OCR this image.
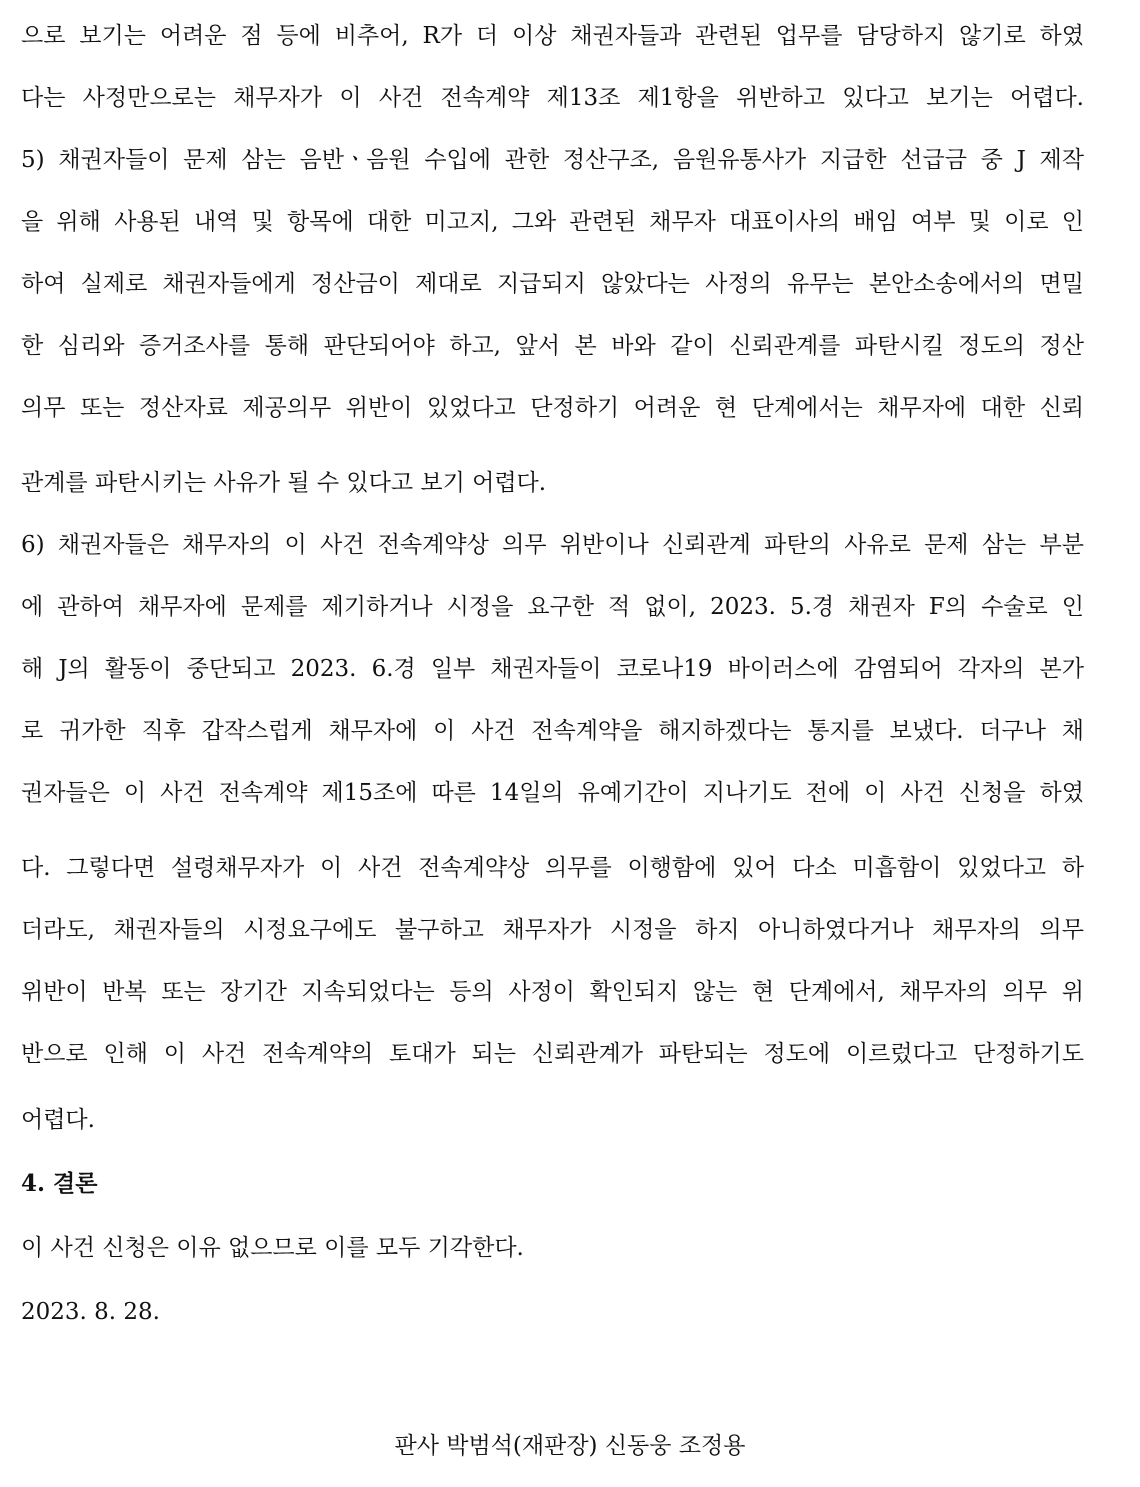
으로 보기는 어려운 점 등에 비추어, R가 더 이상 채권자들과 관련된 업무를 담당하지 않기로 하였
다는 사정만으로는 채무자가 이 사건 전속계약 제13조 제1항을 위반하고 있다고 보기는 어렵다.
5) 채권자들이 문제 삼는 음반ㆍ음원 수입에 관한 정산구조, 음원유통사가 지급한 선급금 중 J 제작
을 위해 사용된 내역 및 항목에 대한 미고지, 그와 관련된 채무자 대표이사의 배임 여부 및 이로 인
하여 실제로 채권자들에게 정산금이 제대로 지급되지 않았다는 사정의 유무는 본안소송에서의 면밀
한 심리와 증거조사를 통해 판단되어야 하고, 앞서 본 바와 같이 신뢰관계를 파탄시킬 정도의 정산
의무 또는 정산자료 제공의무 위반이 있었다고 단정하기 어려운 현 단계에서는 채무자에 대한 신뢰
관계를 파탄시키는 사유가 될 수 있다고 보기 어렵다.
6) 채권자들은 채무자의 이 사건 전속계약상 의무 위반이나 신뢰관계 파탄의 사유로 문제 삼는 부분
에 관하여 채무자에 문제를 제기하거나 시정을 요구한 적 없이, 2023. 5.경 채권자 F의 수술로 인
해 J의 활동이 중단되고 2023. 6.경 일부 채권자들이 코로나19 바이러스에 감염되어 각자의 본가
로 귀가한 직후 갑작스럽게 채무자에 이 사건 전속계약을 해지하겠다는 통지를 보냈다. 더구나 채
권자들은 이 사건 전속계약 제15조에 따른 14일의 유예기간이 지나기도 전에 이 사건 신청을 하였
다. 그렇다면 설령채무자가 이 사건 전속계약상 의무를 이행함에 있어 다소 미흡함이 있었다고 하
더라도, 채권자들의 시정요구에도 불구하고 채무자가 시정을 하지 아니하였다거나 채무자의 의무
위반이 반복 또는 장기간 지속되었다는 등의 사정이 확인되지 않는 현 단계에서, 채무자의 의무 위
반으로 인해 이 사건 전속계약의 토대가 되는 신뢰관계가 파탄되는 정도에 이르렀다고 단정하기도
어렵다.
4. 결론
이 사건 신청은 이유 없으므로 이를 모두 기각한다.
2023. 8. 28.
판사 박범석(재판장) 신동웅 조정용
